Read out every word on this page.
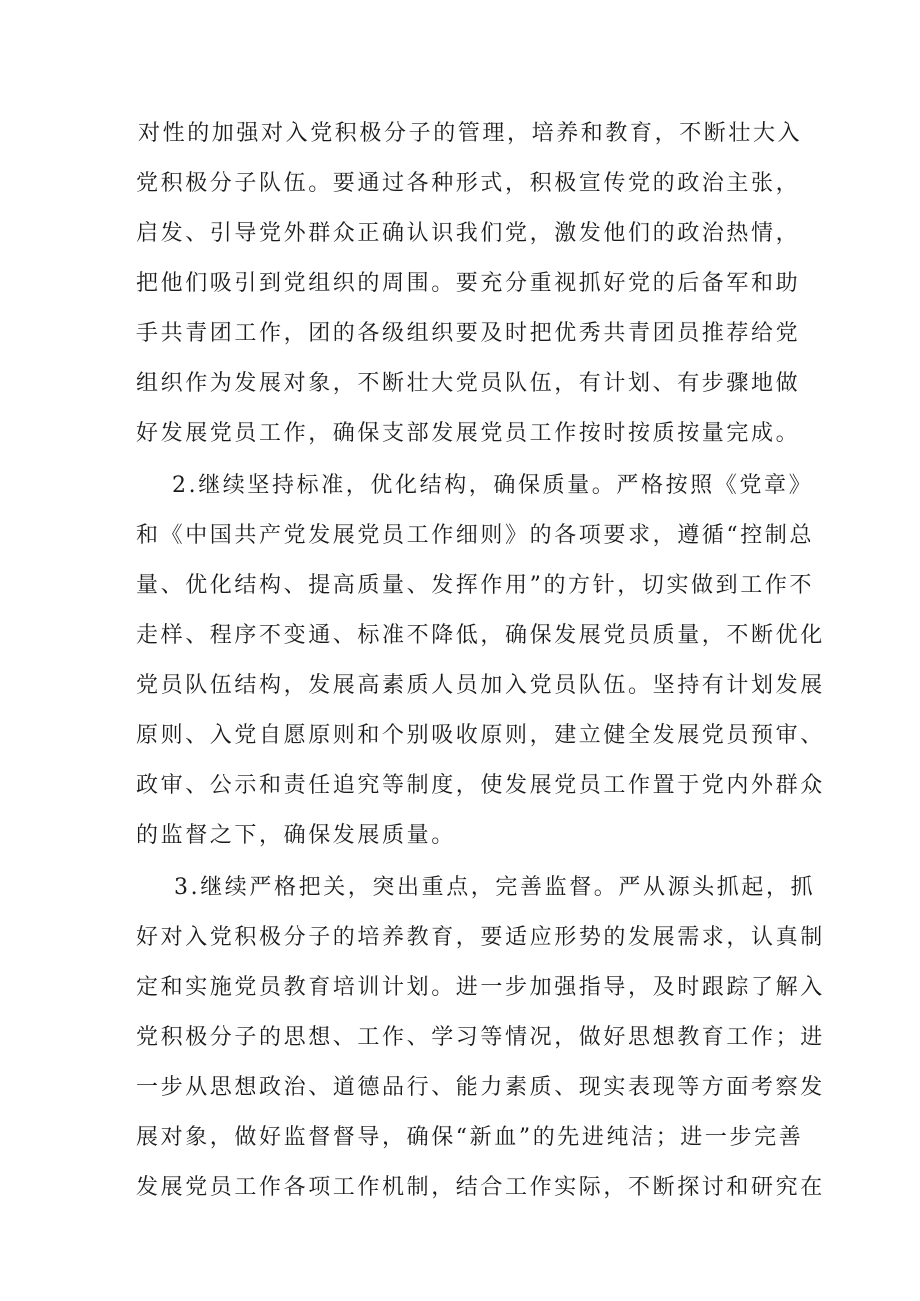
对性的加强对入党积极分子的管理，培养和教育，不断壮大入
党积极分子队伍。要通过各种形式，积极宣传党的政治主张，
启发、引导党外群众正确认识我们党，激发他们的政治热情，
把他们吸引到党组织的周围。要充分重视抓好党的后备军和助
手共青团工作，团的各级组织要及时把优秀共青团员推荐给党
组织作为发展对象，不断壮大党员队伍，有计划、有步骤地做
好发展党员工作，确保支部发展党员工作按时按质按量完成。
2.继续坚持标准，优化结构，确保质量。严格按照《党章》
和《中国共产党发展党员工作细则》的各项要求，遵循“控制总
量、优化结构、提高质量、发挥作用”的方针，切实做到工作不
走样、程序不变通、标准不降低，确保发展党员质量，不断优化
党员队伍结构，发展高素质人员加入党员队伍。坚持有计划发展
原则、入党自愿原则和个别吸收原则，建立健全发展党员预审、
政审、公示和责任追究等制度，使发展党员工作置于党内外群众
的监督之下，确保发展质量。
3.继续严格把关，突出重点，完善监督。严从源头抓起，抓
好对入党积极分子的培养教育，要适应形势的发展需求，认真制
定和实施党员教育培训计划。进一步加强指导，及时跟踪了解入
党积极分子的思想、工作、学习等情况，做好思想教育工作；进
一步从思想政治、道德品行、能力素质、现实表现等方面考察发
展对象，做好监督督导，确保“新血”的先进纯洁；进一步完善
发展党员工作各项工作机制，结合工作实际，不断探讨和研究在
